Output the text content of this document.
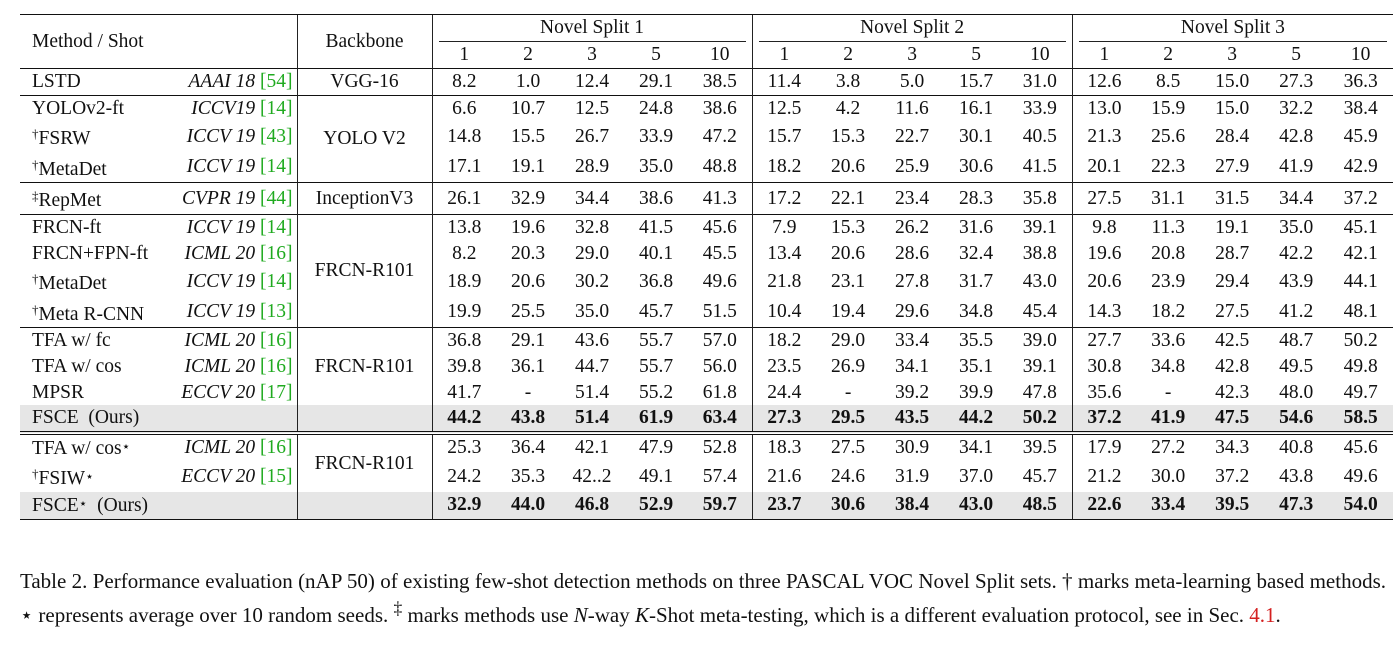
Method / Shot		Backbone	Novel Split 1					Novel Split 2					Novel Split 3				

			1	2	3	5	10	1	2	3	5	10	1	2	3	5	10
LSTD	AAAI 18 [54]	VGG-16	8.2	1.0	12.4	29.1	38.5	11.4	3.8	5.0	15.7	31.0	12.6	8.5	15.0	27.3	36.3
YOLOv2-ft	ICCV19 [14]	YOLO V2	6.6	10.7	12.5	24.8	38.6	12.5	4.2	11.6	16.1	33.9	13.0	15.9	15.0	32.2	38.4
†FSRW	ICCV 19 [43]		14.8	15.5	26.7	33.9	47.2	15.7	15.3	22.7	30.1	40.5	21.3	25.6	28.4	42.8	45.9
†MetaDet	ICCV 19 [14]		17.1	19.1	28.9	35.0	48.8	18.2	20.6	25.9	30.6	41.5	20.1	22.3	27.9	41.9	42.9
‡RepMet	CVPR 19 [44]	InceptionV3	26.1	32.9	34.4	38.6	41.3	17.2	22.1	23.4	28.3	35.8	27.5	31.1	31.5	34.4	37.2
FRCN-ft	ICCV 19 [14]	FRCN-R101	13.8	19.6	32.8	41.5	45.6	7.9	15.3	26.2	31.6	39.1	9.8	11.3	19.1	35.0	45.1
FRCN+FPN-ft	ICML 20 [16]		8.2	20.3	29.0	40.1	45.5	13.4	20.6	28.6	32.4	38.8	19.6	20.8	28.7	42.2	42.1
†MetaDet	ICCV 19 [14]		18.9	20.6	30.2	36.8	49.6	21.8	23.1	27.8	31.7	43.0	20.6	23.9	29.4	43.9	44.1
†Meta R-CNN	ICCV 19 [13]		19.9	25.5	35.0	45.7	51.5	10.4	19.4	29.6	34.8	45.4	14.3	18.2	27.5	41.2	48.1
TFA w/ fc	ICML 20 [16]	FRCN-R101	36.8	29.1	43.6	55.7	57.0	18.2	29.0	33.4	35.5	39.0	27.7	33.6	42.5	48.7	50.2
TFA w/ cos	ICML 20 [16]		39.8	36.1	44.7	55.7	56.0	23.5	26.9	34.1	35.1	39.1	30.8	34.8	42.8	49.5	49.8
MPSR	ECCV 20 [17]		41.7	-	51.4	55.2	61.8	24.4	-	39.2	39.9	47.8	35.6	-	42.3	48.0	49.7
FSCE (Ours)			44.2	43.8	51.4	61.9	63.4	27.3	29.5	43.5	44.2	50.2	37.2	41.9	47.5	54.6	58.5
TFA w/ cos⋆	ICML 20 [16]	FRCN-R101	25.3	36.4	42.1	47.9	52.8	18.3	27.5	30.9	34.1	39.5	17.9	27.2	34.3	40.8	45.6
†FSIW⋆	ECCV 20 [15]		24.2	35.3	42..2	49.1	57.4	21.6	24.6	31.9	37.0	45.7	21.2	30.0	37.2	43.8	49.6
FSCE⋆ (Ours)			32.9	44.0	46.8	52.9	59.7	23.7	30.6	38.4	43.0	48.5	22.6	33.4	39.5	47.3	54.0
Table 2. Performance evaluation (nAP 50) of existing few-shot detection methods on three PASCAL VOC Novel Split sets. † marks meta-learning based methods. ⋆ represents average over 10 random seeds. ‡ marks methods use N-way K-Shot meta-testing, which is a different evaluation protocol, see in Sec. 4.1.
